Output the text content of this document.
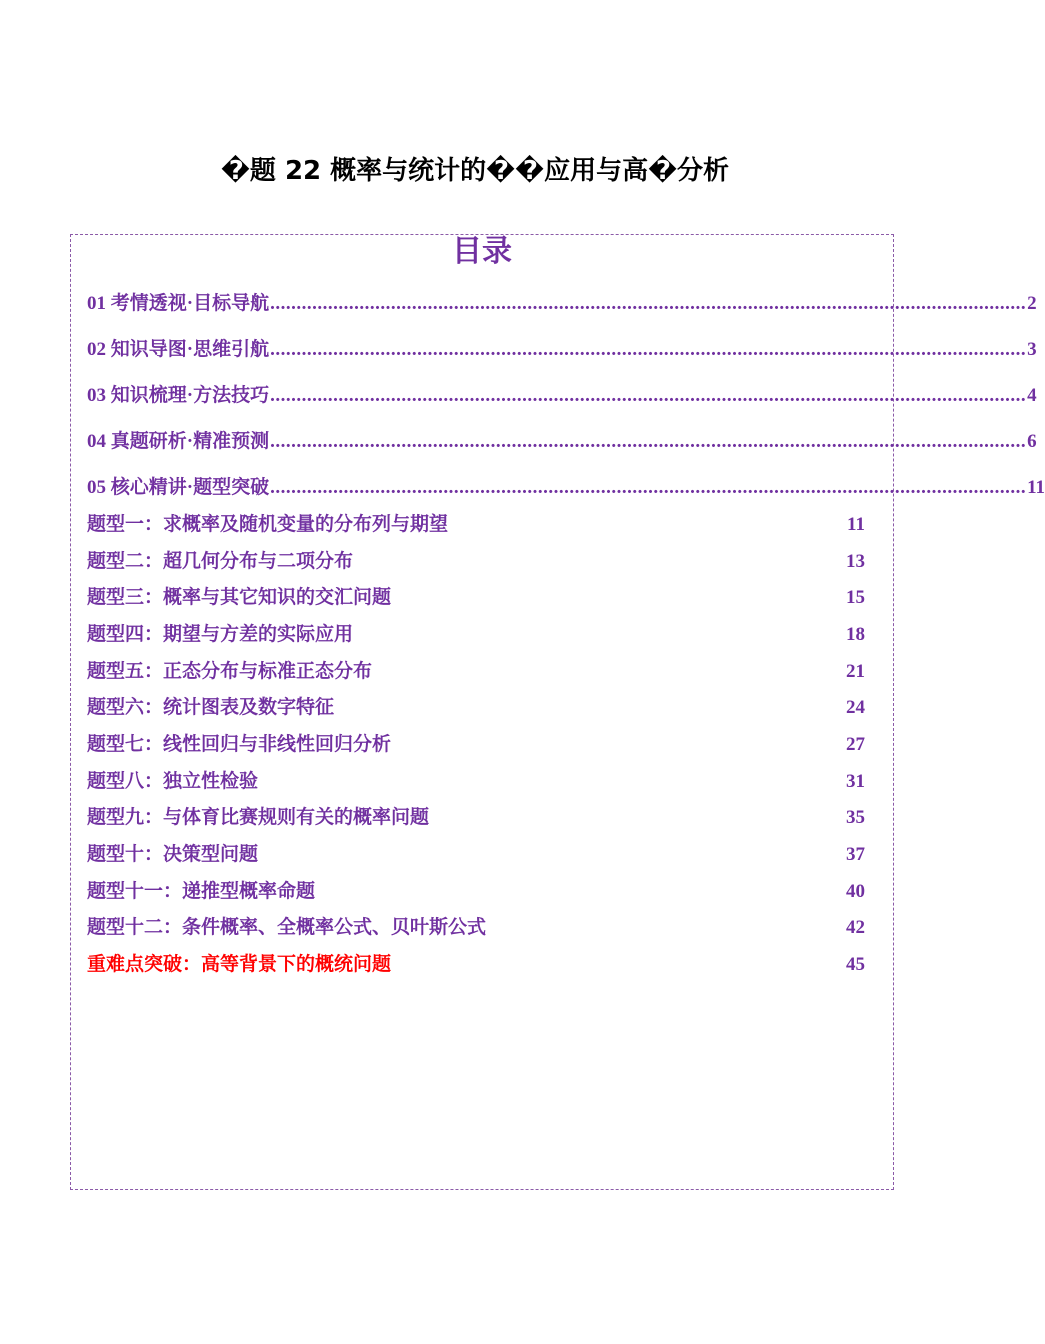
�题 22 概率与统计的��应用与高�分析
目录
01 考情透视·目标导航 ................................................................................................................................................ 2
02 知识导图·思维引航 ................................................................................................................................................ 3
03 知识梳理·方法技巧 ................................................................................................................................................ 4
04 真题研析·精准预测 ................................................................................................................................................ 6
05 核心精讲·题型突破 ................................................................................................................................................ 11
题型一：求概率及随机变量的分布列与期望	11
题型二：超几何分布与二项分布	13
题型三：概率与其它知识的交汇问题	15
题型四：期望与方差的实际应用	18
题型五：正态分布与标准正态分布	21
题型六：统计图表及数字特征	24
题型七：线性回归与非线性回归分析	27
题型八：独立性检验	31
题型九：与体育比赛规则有关的概率问题	35
题型十：决策型问题	37
题型十一：递推型概率命题	40
题型十二：条件概率、全概率公式、贝叶斯公式	42
重难点突破：高等背景下的概统问题	45
